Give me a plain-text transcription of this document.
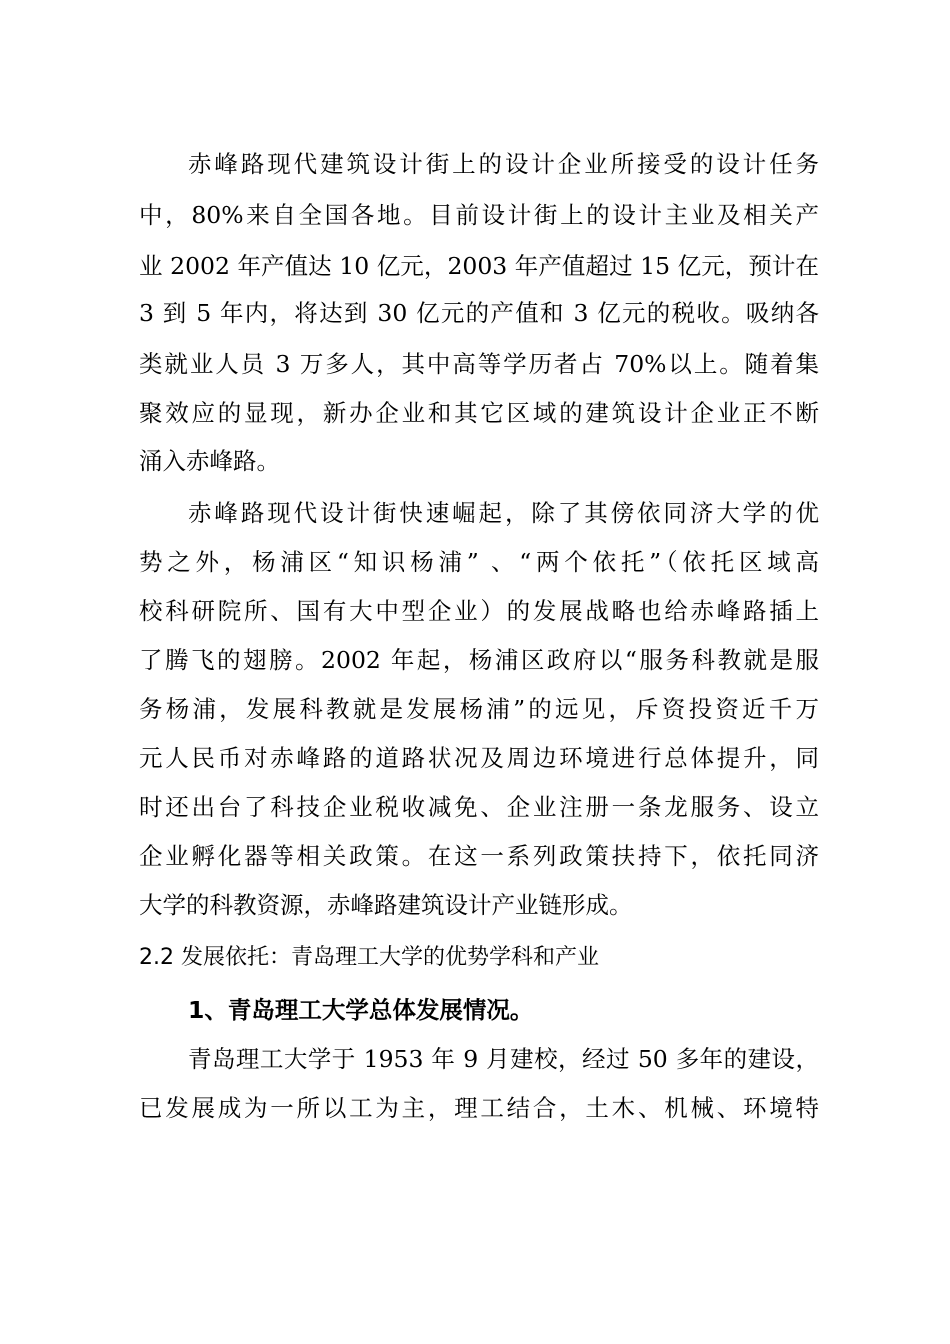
赤峰路现代建筑设计街上的设计企业所接受的设计任务
中，80%来自全国各地。目前设计街上的设计主业及相关产
业 2002 年产值达 10 亿元，2003 年产值超过 15 亿元，预计在
3 到 5 年内，将达到 30 亿元的产值和 3 亿元的税收。吸纳各
类就业人员 3 万多人，其中高等学历者占 70%以上。随着集
聚效应的显现，新办企业和其它区域的建筑设计企业正不断
涌入赤峰路。
赤峰路现代设计街快速崛起，除了其傍依同济大学的优
势之外，杨浦区“知识杨浦” 、“两个依托”（依托区域高
校科研院所、国有大中型企业）的发展战略也给赤峰路插上
了腾飞的翅膀。2002 年起，杨浦区政府以“服务科教就是服
务杨浦，发展科教就是发展杨浦”的远见，斥资投资近千万
元人民币对赤峰路的道路状况及周边环境进行总体提升，同
时还出台了科技企业税收减免、企业注册一条龙服务、设立
企业孵化器等相关政策。在这一系列政策扶持下，依托同济
大学的科教资源，赤峰路建筑设计产业链形成。
2.2 发展依托：青岛理工大学的优势学科和产业
1、青岛理工大学总体发展情况。
青岛理工大学于 1953 年 9 月建校，经过 50 多年的建设，
已发展成为一所以工为主，理工结合，土木、机械、环境特
